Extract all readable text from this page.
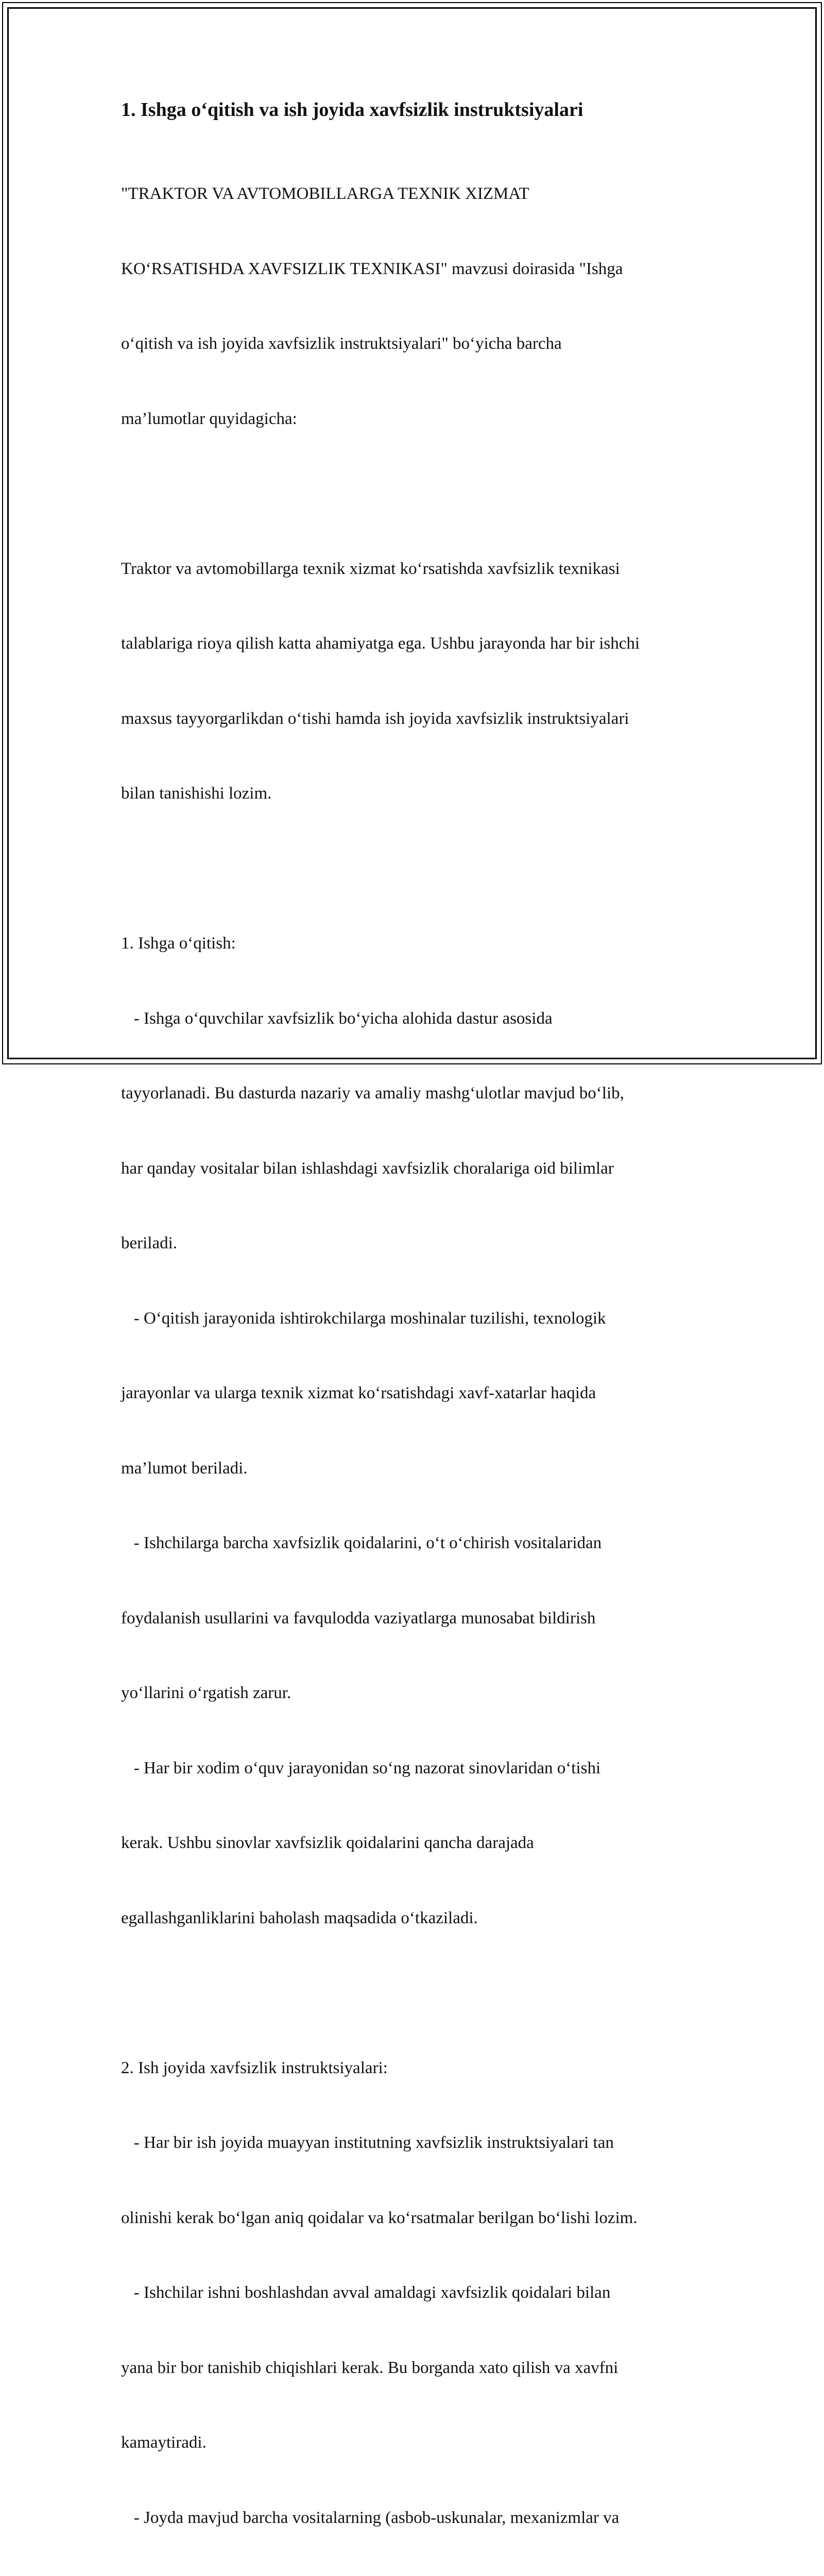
1. Ishga o‘qitish va ish joyida xavfsizlik instruktsiyalari

"TRAKTOR VA AVTOMOBILLARGA TEXNIK XIZMAT

KO‘RSATISHDA XAVFSIZLIK TEXNIKASI" mavzusi doirasida "Ishga

o‘qitish va ish joyida xavfsizlik instruktsiyalari" bo‘yicha barcha

ma’lumotlar quyidagicha:

Traktor va avtomobillarga texnik xizmat ko‘rsatishda xavfsizlik texnikasi

talablariga rioya qilish katta ahamiyatga ega. Ushbu jarayonda har bir ishchi

maxsus tayyorgarlikdan o‘tishi hamda ish joyida xavfsizlik instruktsiyalari

bilan tanishishi lozim.

1. Ishga o‘qitish:

- Ishga o‘quvchilar xavfsizlik bo‘yicha alohida dastur asosida

tayyorlanadi. Bu dasturda nazariy va amaliy mashg‘ulotlar mavjud bo‘lib,

har qanday vositalar bilan ishlashdagi xavfsizlik choralariga oid bilimlar

beriladi.

- O‘qitish jarayonida ishtirokchilarga moshinalar tuzilishi, texnologik

jarayonlar va ularga texnik xizmat ko‘rsatishdagi xavf-xatarlar haqida

ma’lumot beriladi.

- Ishchilarga barcha xavfsizlik qoidalarini, o‘t o‘chirish vositalaridan

foydalanish usullarini va favqulodda vaziyatlarga munosabat bildirish

yo‘llarini o‘rgatish zarur.

- Har bir xodim o‘quv jarayonidan so‘ng nazorat sinovlaridan o‘tishi

kerak. Ushbu sinovlar xavfsizlik qoidalarini qancha darajada

egallashganliklarini baholash maqsadida o‘tkaziladi.

2. Ish joyida xavfsizlik instruktsiyalari:

- Har bir ish joyida muayyan institutning xavfsizlik instruktsiyalari tan

olinishi kerak bo‘lgan aniq qoidalar va ko‘rsatmalar berilgan bo‘lishi lozim.

- Ishchilar ishni boshlashdan avval amaldagi xavfsizlik qoidalari bilan

yana bir bor tanishib chiqishlari kerak. Bu borganda xato qilish va xavfni

kamaytiradi.

- Joyda mavjud barcha vositalarning (asbob-uskunalar, mexanizmlar va
